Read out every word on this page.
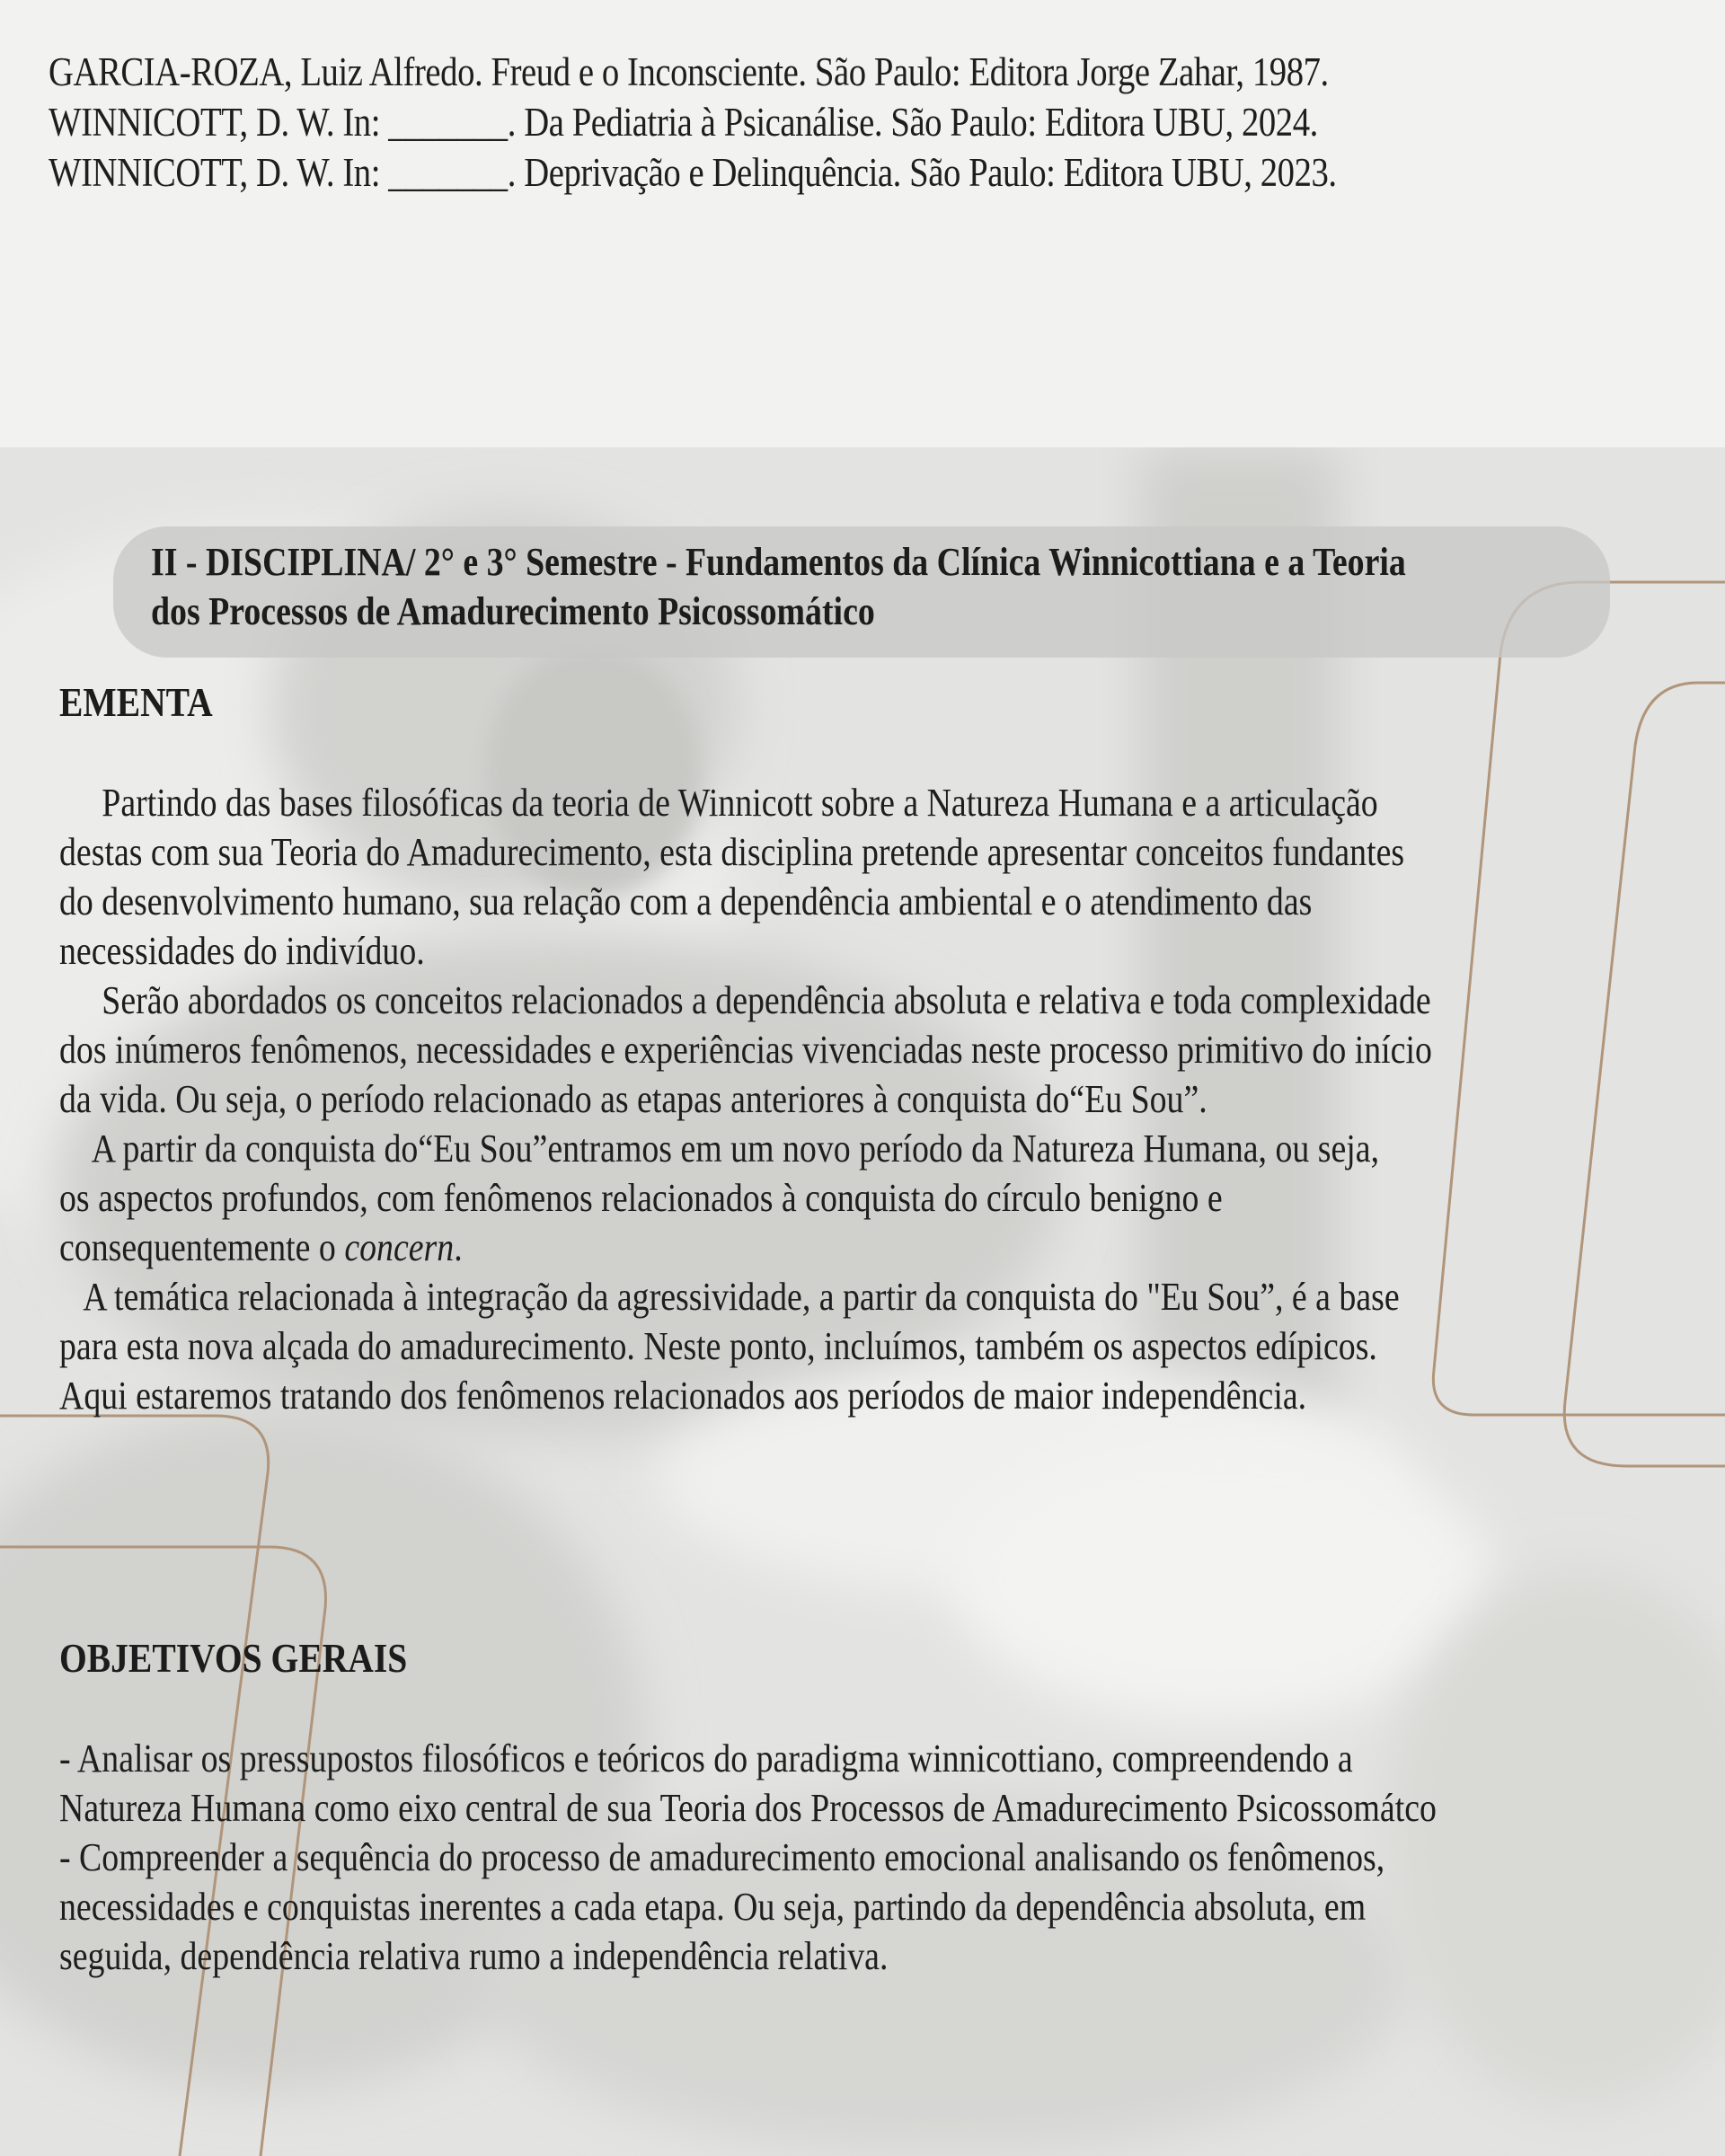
GARCIA-ROZA, Luiz Alfredo. Freud e o Inconsciente. São Paulo: Editora Jorge Zahar, 1987.
WINNICOTT, D. W. In: _______. Da Pediatria à Psicanálise. São Paulo: Editora UBU, 2024.
WINNICOTT, D. W. In: _______. Deprivação e Delinquência. São Paulo: Editora UBU, 2023.
II - DISCIPLINA/ 2° e 3° Semestre - Fundamentos da Clínica Winnicottiana e a Teoria
dos Processos de Amadurecimento Psicossomático
EMENTA
Partindo das bases filosóficas da teoria de Winnicott sobre a Natureza Humana e a articulação
destas com sua Teoria do Amadurecimento, esta disciplina pretende apresentar conceitos fundantes
do desenvolvimento humano, sua relação com a dependência ambiental e o atendimento das
necessidades do indivíduo.
Serão abordados os conceitos relacionados a dependência absoluta e relativa e toda complexidade
dos inúmeros fenômenos, necessidades e experiências vivenciadas neste processo primitivo do início
da vida. Ou seja, o período relacionado as etapas anteriores à conquista do“Eu Sou”.
A partir da conquista do“Eu Sou”entramos em um novo período da Natureza Humana, ou seja,
os aspectos profundos, com fenômenos relacionados à conquista do círculo benigno e
consequentemente o concern.
A temática relacionada à integração da agressividade, a partir da conquista do "Eu Sou”, é a base
para esta nova alçada do amadurecimento. Neste ponto, incluímos, também os aspectos edípicos.
Aqui estaremos tratando dos fenômenos relacionados aos períodos de maior independência.
OBJETIVOS GERAIS
- Analisar os pressupostos filosóficos e teóricos do paradigma winnicottiano, compreendendo a
Natureza Humana como eixo central de sua Teoria dos Processos de Amadurecimento Psicossomátco
- Compreender a sequência do processo de amadurecimento emocional analisando os fenômenos,
necessidades e conquistas inerentes a cada etapa. Ou seja, partindo da dependência absoluta, em
seguida, dependência relativa rumo a independência relativa.
